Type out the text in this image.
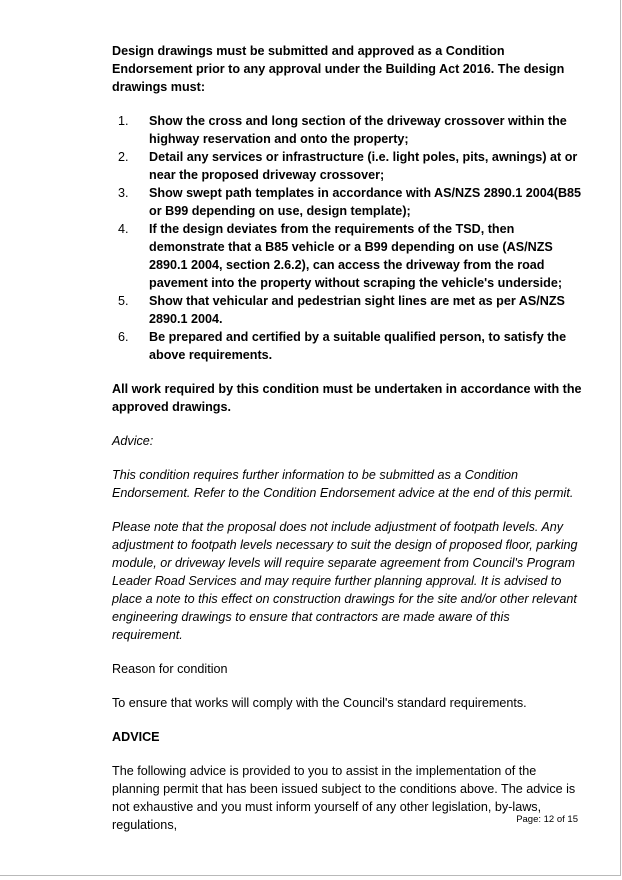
Design drawings must be submitted and approved as a Condition Endorsement prior to any approval under the Building Act 2016. The design drawings must:

1. Show the cross and long section of the driveway crossover within the highway reservation and onto the property;
2. Detail any services or infrastructure (i.e. light poles, pits, awnings) at or near the proposed driveway crossover;
3. Show swept path templates in accordance with AS/NZS 2890.1 2004(B85 or B99 depending on use, design template);
4. If the design deviates from the requirements of the TSD, then demonstrate that a B85 vehicle or a B99 depending on use (AS/NZS 2890.1 2004, section 2.6.2), can access the driveway from the road pavement into the property without scraping the vehicle's underside;
5. Show that vehicular and pedestrian sight lines are met as per AS/NZS 2890.1 2004.
6. Be prepared and certified by a suitable qualified person, to satisfy the above requirements.

All work required by this condition must be undertaken in accordance with the approved drawings.

Advice:

This condition requires further information to be submitted as a Condition Endorsement. Refer to the Condition Endorsement advice at the end of this permit.

Please note that the proposal does not include adjustment of footpath levels. Any adjustment to footpath levels necessary to suit the design of proposed floor, parking module, or driveway levels will require separate agreement from Council's Program Leader Road Services and may require further planning approval. It is advised to place a note to this effect on construction drawings for the site and/or other relevant engineering drawings to ensure that contractors are made aware of this requirement.

Reason for condition

To ensure that works will comply with the Council's standard requirements.

ADVICE

The following advice is provided to you to assist in the implementation of the planning permit that has been issued subject to the conditions above. The advice is not exhaustive and you must inform yourself of any other legislation, by-laws, regulations,	Page: 12 of 15
